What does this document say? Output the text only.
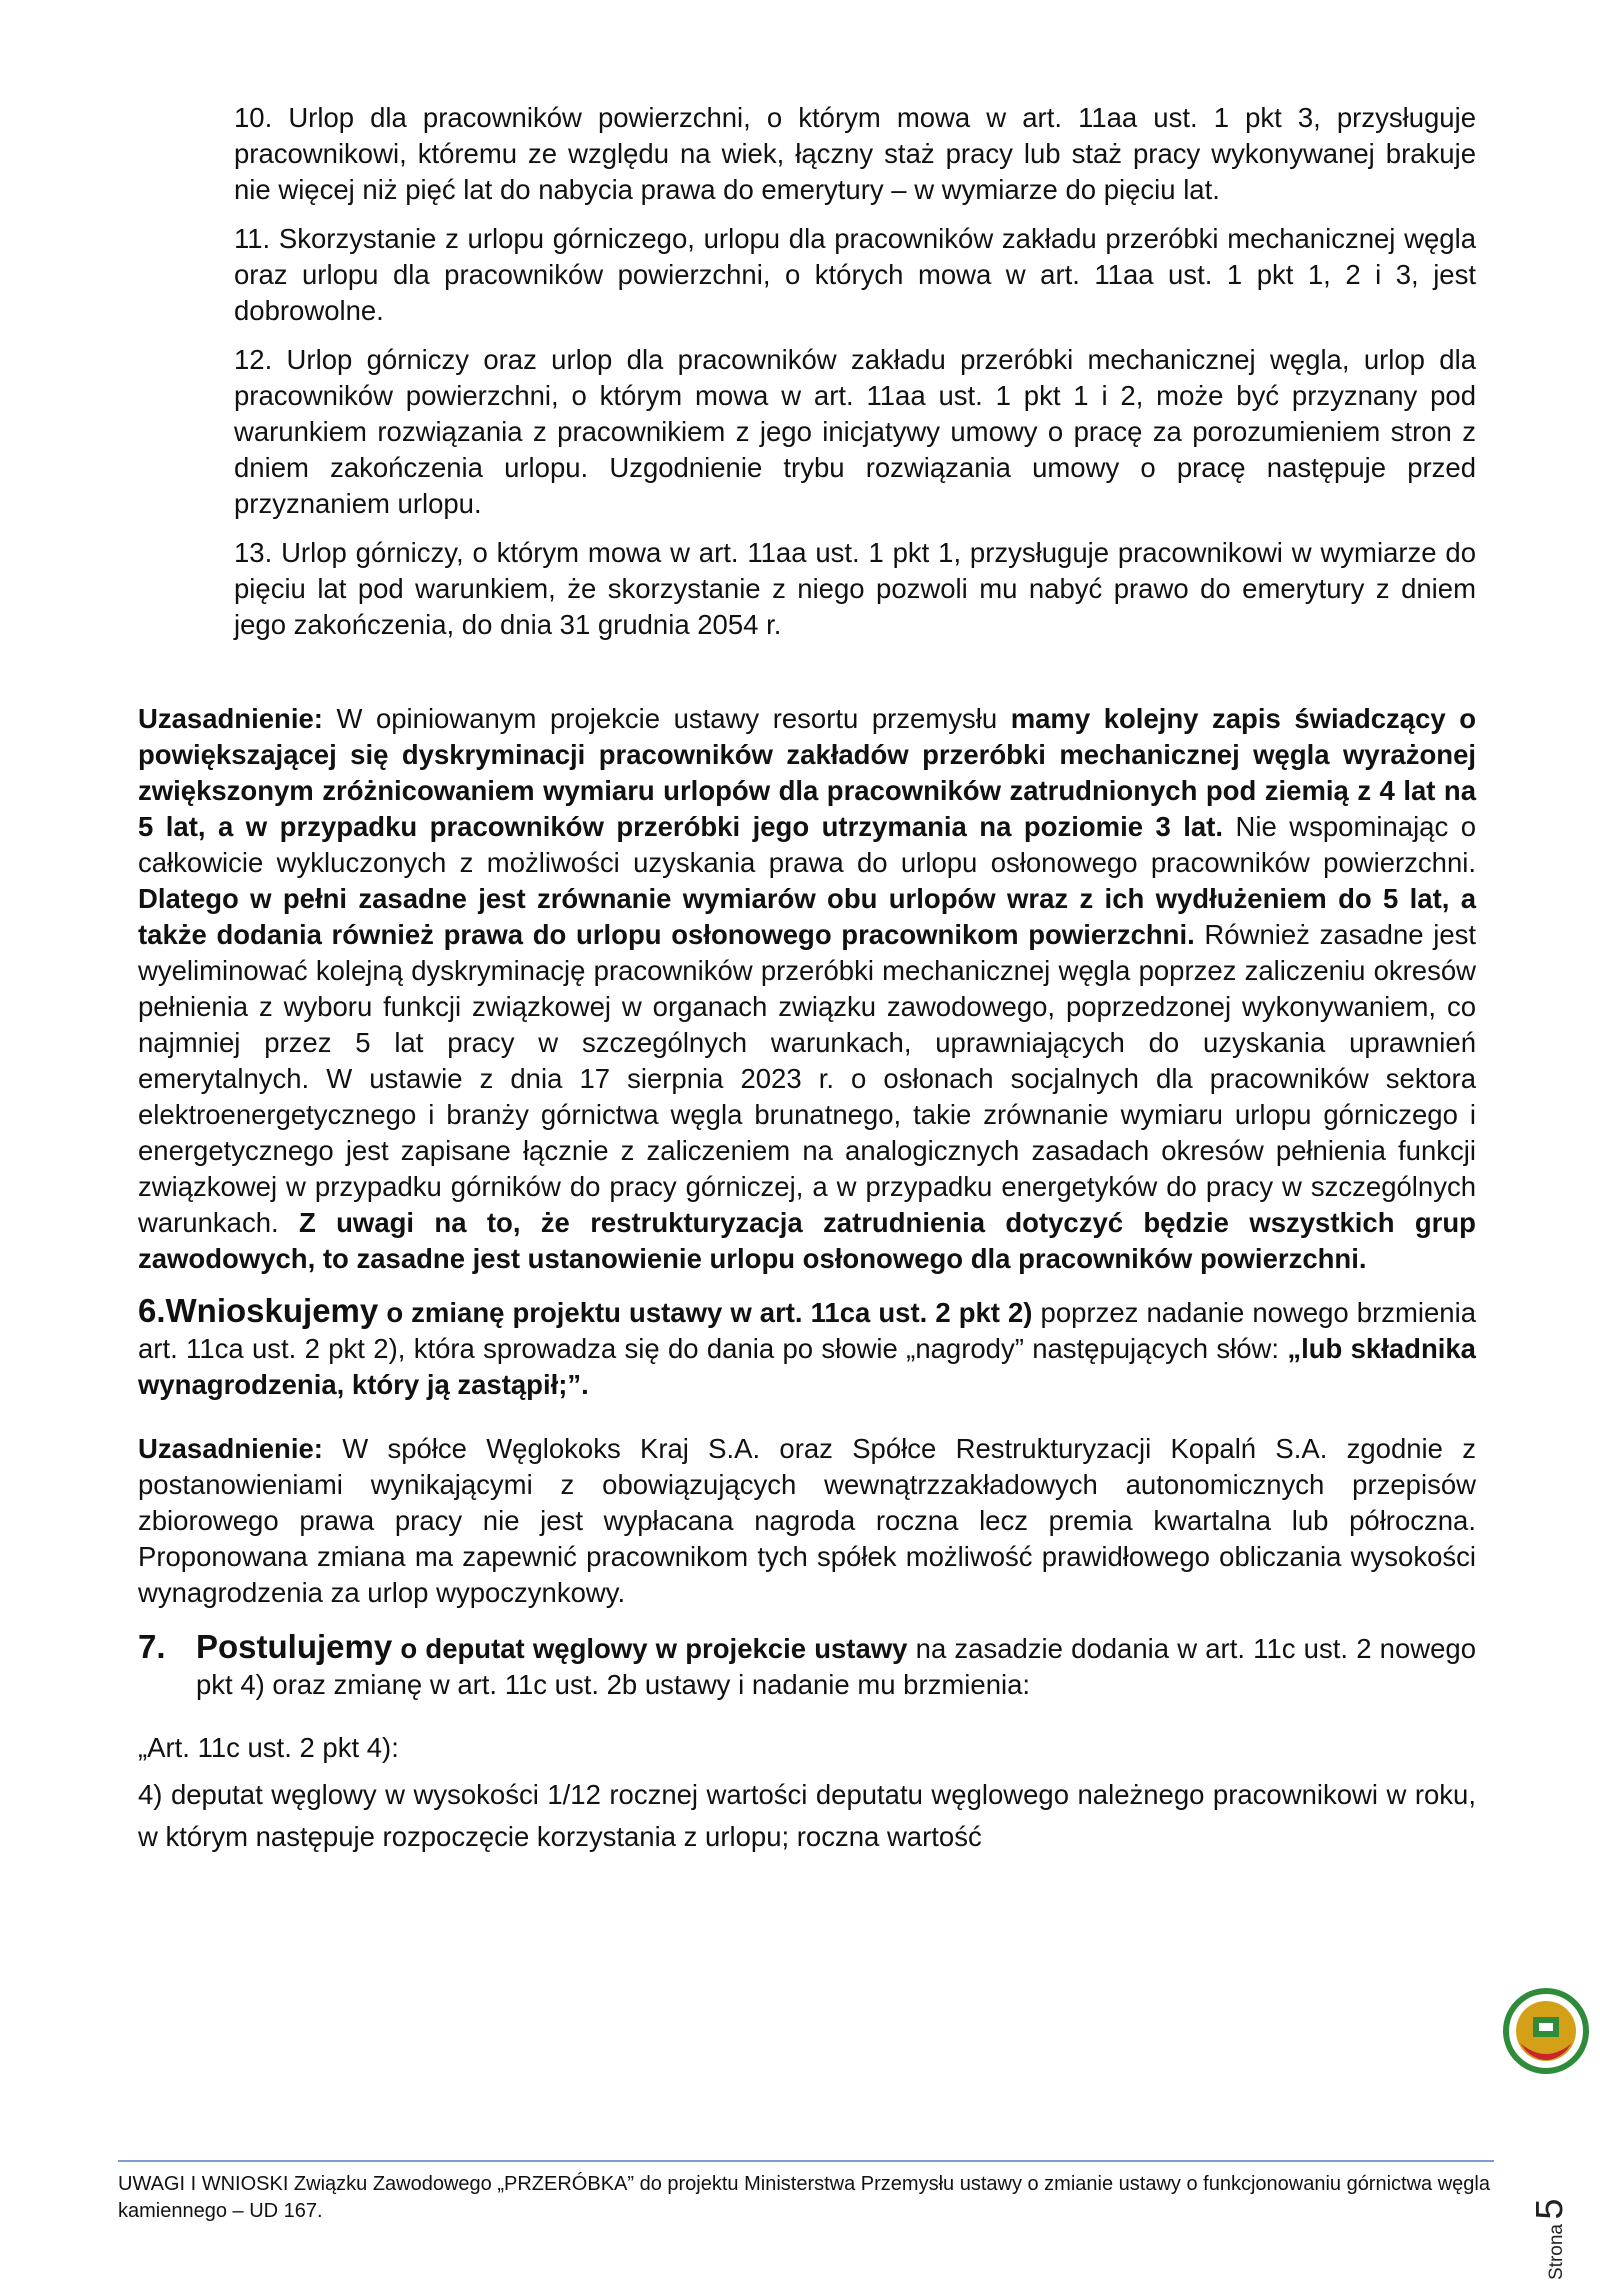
10. Urlop dla pracowników powierzchni, o którym mowa w art. 11aa ust. 1 pkt 3, przysługuje pracownikowi, któremu ze względu na wiek, łączny staż pracy lub staż pracy wykonywanej brakuje nie więcej niż pięć lat do nabycia prawa do emerytury – w wymiarze do pięciu lat.

11. Skorzystanie z urlopu górniczego, urlopu dla pracowników zakładu przeróbki mechanicznej węgla oraz urlopu dla pracowników powierzchni, o których mowa w art. 11aa ust. 1 pkt 1, 2 i 3, jest dobrowolne.

12. Urlop górniczy oraz urlop dla pracowników zakładu przeróbki mechanicznej węgla, urlop dla pracowników powierzchni, o którym mowa w art. 11aa ust. 1 pkt 1 i 2, może być przyznany pod warunkiem rozwiązania z pracownikiem z jego inicjatywy umowy o pracę za porozumieniem stron z dniem zakończenia urlopu. Uzgodnienie trybu rozwiązania umowy o pracę następuje przed przyznaniem urlopu.

13. Urlop górniczy, o którym mowa w art. 11aa ust. 1 pkt 1, przysługuje pracownikowi w wymiarze do pięciu lat pod warunkiem, że skorzystanie z niego pozwoli mu nabyć prawo do emerytury z dniem jego zakończenia, do dnia 31 grudnia 2054 r.

Uzasadnienie: W opiniowanym projekcie ustawy resortu przemysłu mamy kolejny zapis świadczący o powiększającej się dyskryminacji pracowników zakładów przeróbki mechanicznej węgla wyrażonej zwiększonym zróżnicowaniem wymiaru urlopów dla pracowników zatrudnionych pod ziemią z 4 lat na 5 lat, a w przypadku pracowników przeróbki jego utrzymania na poziomie 3 lat. Nie wspominając o całkowicie wykluczonych z możliwości uzyskania prawa do urlopu osłonowego pracowników powierzchni. Dlatego w pełni zasadne jest zrównanie wymiarów obu urlopów wraz z ich wydłużeniem do 5 lat, a także dodania również prawa do urlopu osłonowego pracownikom powierzchni. Również zasadne jest wyeliminować kolejną dyskryminację pracowników przeróbki mechanicznej węgla poprzez zaliczeniu okresów pełnienia z wyboru funkcji związkowej w organach związku zawodowego, poprzedzonej wykonywaniem, co najmniej przez 5 lat pracy w szczególnych warunkach, uprawniających do uzyskania uprawnień emerytalnych. W ustawie z dnia 17 sierpnia 2023 r. o osłonach socjalnych dla pracowników sektora elektroenergetycznego i branży górnictwa węgla brunatnego, takie zrównanie wymiaru urlopu górniczego i energetycznego jest zapisane łącznie z zaliczeniem na analogicznych zasadach okresów pełnienia funkcji związkowej w przypadku górników do pracy górniczej, a w przypadku energetyków do pracy w szczególnych warunkach. Z uwagi na to, że restrukturyzacja zatrudnienia dotyczyć będzie wszystkich grup zawodowych, to zasadne jest ustanowienie urlopu osłonowego dla pracowników powierzchni.

6.Wnioskujemy o zmianę projektu ustawy w art. 11ca ust. 2 pkt 2) poprzez nadanie nowego brzmienia art. 11ca ust. 2 pkt 2), która sprowadza się do dania po słowie „nagrody” następujących słów: „lub składnika wynagrodzenia, który ją zastąpił;”.

Uzasadnienie: W spółce Węglokoks Kraj S.A. oraz Spółce Restrukturyzacji Kopalń S.A. zgodnie z postanowieniami wynikającymi z obowiązujących wewnątrzzakładowych autonomicznych przepisów zbiorowego prawa pracy nie jest wypłacana nagroda roczna lecz premia kwartalna lub półroczna. Proponowana zmiana ma zapewnić pracownikom tych spółek możliwość prawidłowego obliczania wysokości wynagrodzenia za urlop wypoczynkowy.

7. Postulujemy o deputat węglowy w projekcie ustawy na zasadzie dodania w art. 11c ust. 2 nowego pkt 4) oraz zmianę w art. 11c ust. 2b ustawy i nadanie mu brzmienia:

„Art. 11c ust. 2 pkt 4):
4) deputat węglowy w wysokości 1/12 rocznej wartości deputatu węglowego należnego pracownikowi w roku, w którym następuje rozpoczęcie korzystania z urlopu; roczna wartość
Strona 5
UWAGI I WNIOSKI Związku Zawodowego „PRZERÓBKA” do projektu Ministerstwa Przemysłu ustawy o zmianie ustawy o funkcjonowaniu górnictwa węgla kamiennego – UD 167.
